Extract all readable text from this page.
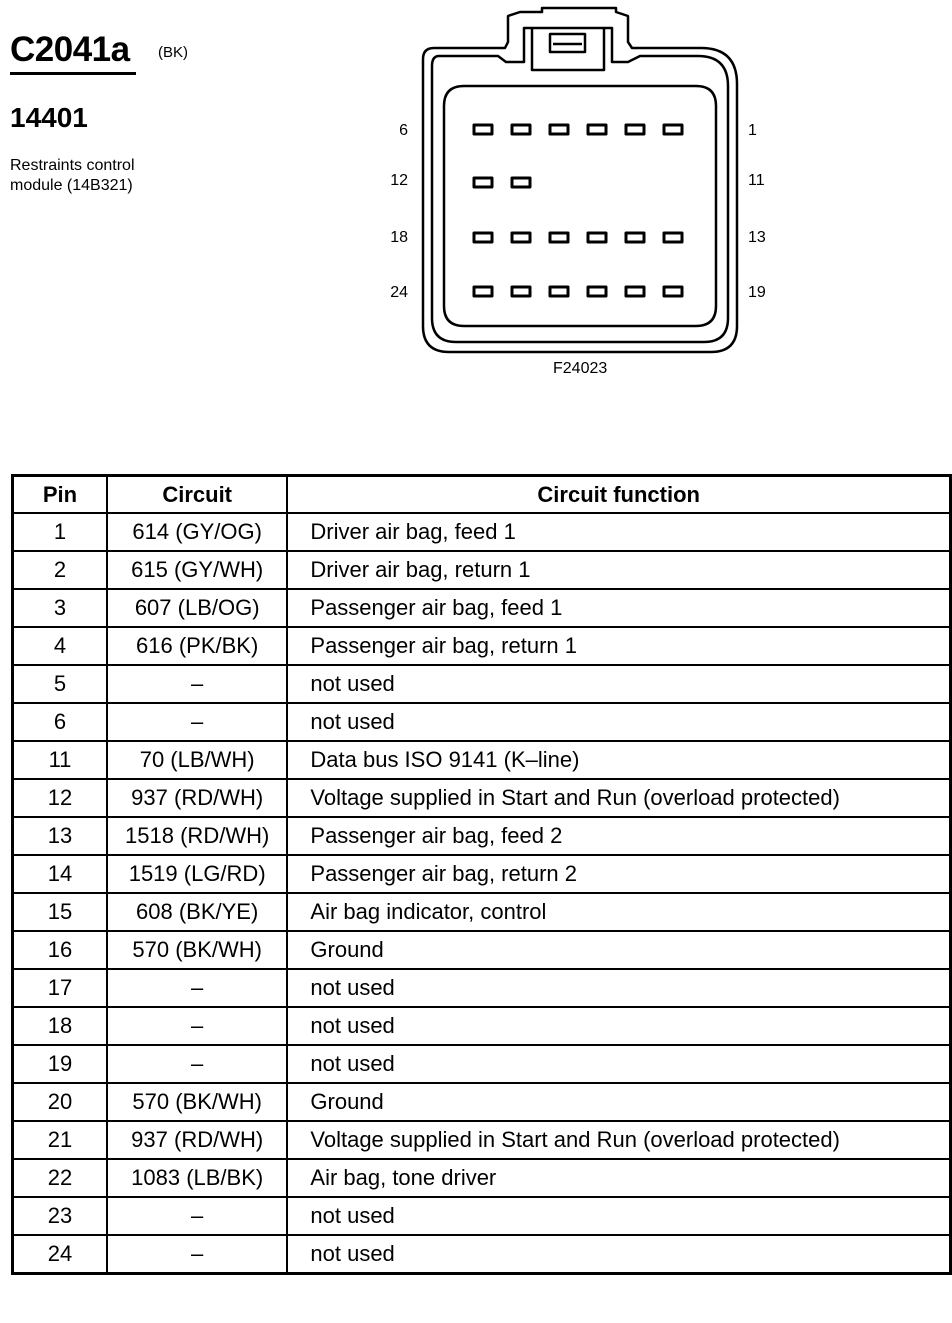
C2041a (BK)
14401
Restraints control
module (14B321)
6	1
12	11
18	13
24	19
F24023
Pin	Circuit	Circuit function
1	614 (GY/OG)	Driver air bag, feed 1
2	615 (GY/WH)	Driver air bag, return 1
3	607 (LB/OG)	Passenger air bag, feed 1
4	616 (PK/BK)	Passenger air bag, return 1
5	–	not used
6	–	not used
11	70 (LB/WH)	Data bus ISO 9141 (K–line)
12	937 (RD/WH)	Voltage supplied in Start and Run (overload protected)
13	1518 (RD/WH)	Passenger air bag, feed 2
14	1519 (LG/RD)	Passenger air bag, return 2
15	608 (BK/YE)	Air bag indicator, control
16	570 (BK/WH)	Ground
17	–	not used
18	–	not used
19	–	not used
20	570 (BK/WH)	Ground
21	937 (RD/WH)	Voltage supplied in Start and Run (overload protected)
22	1083 (LB/BK)	Air bag, tone driver
23	–	not used
24	–	not used
